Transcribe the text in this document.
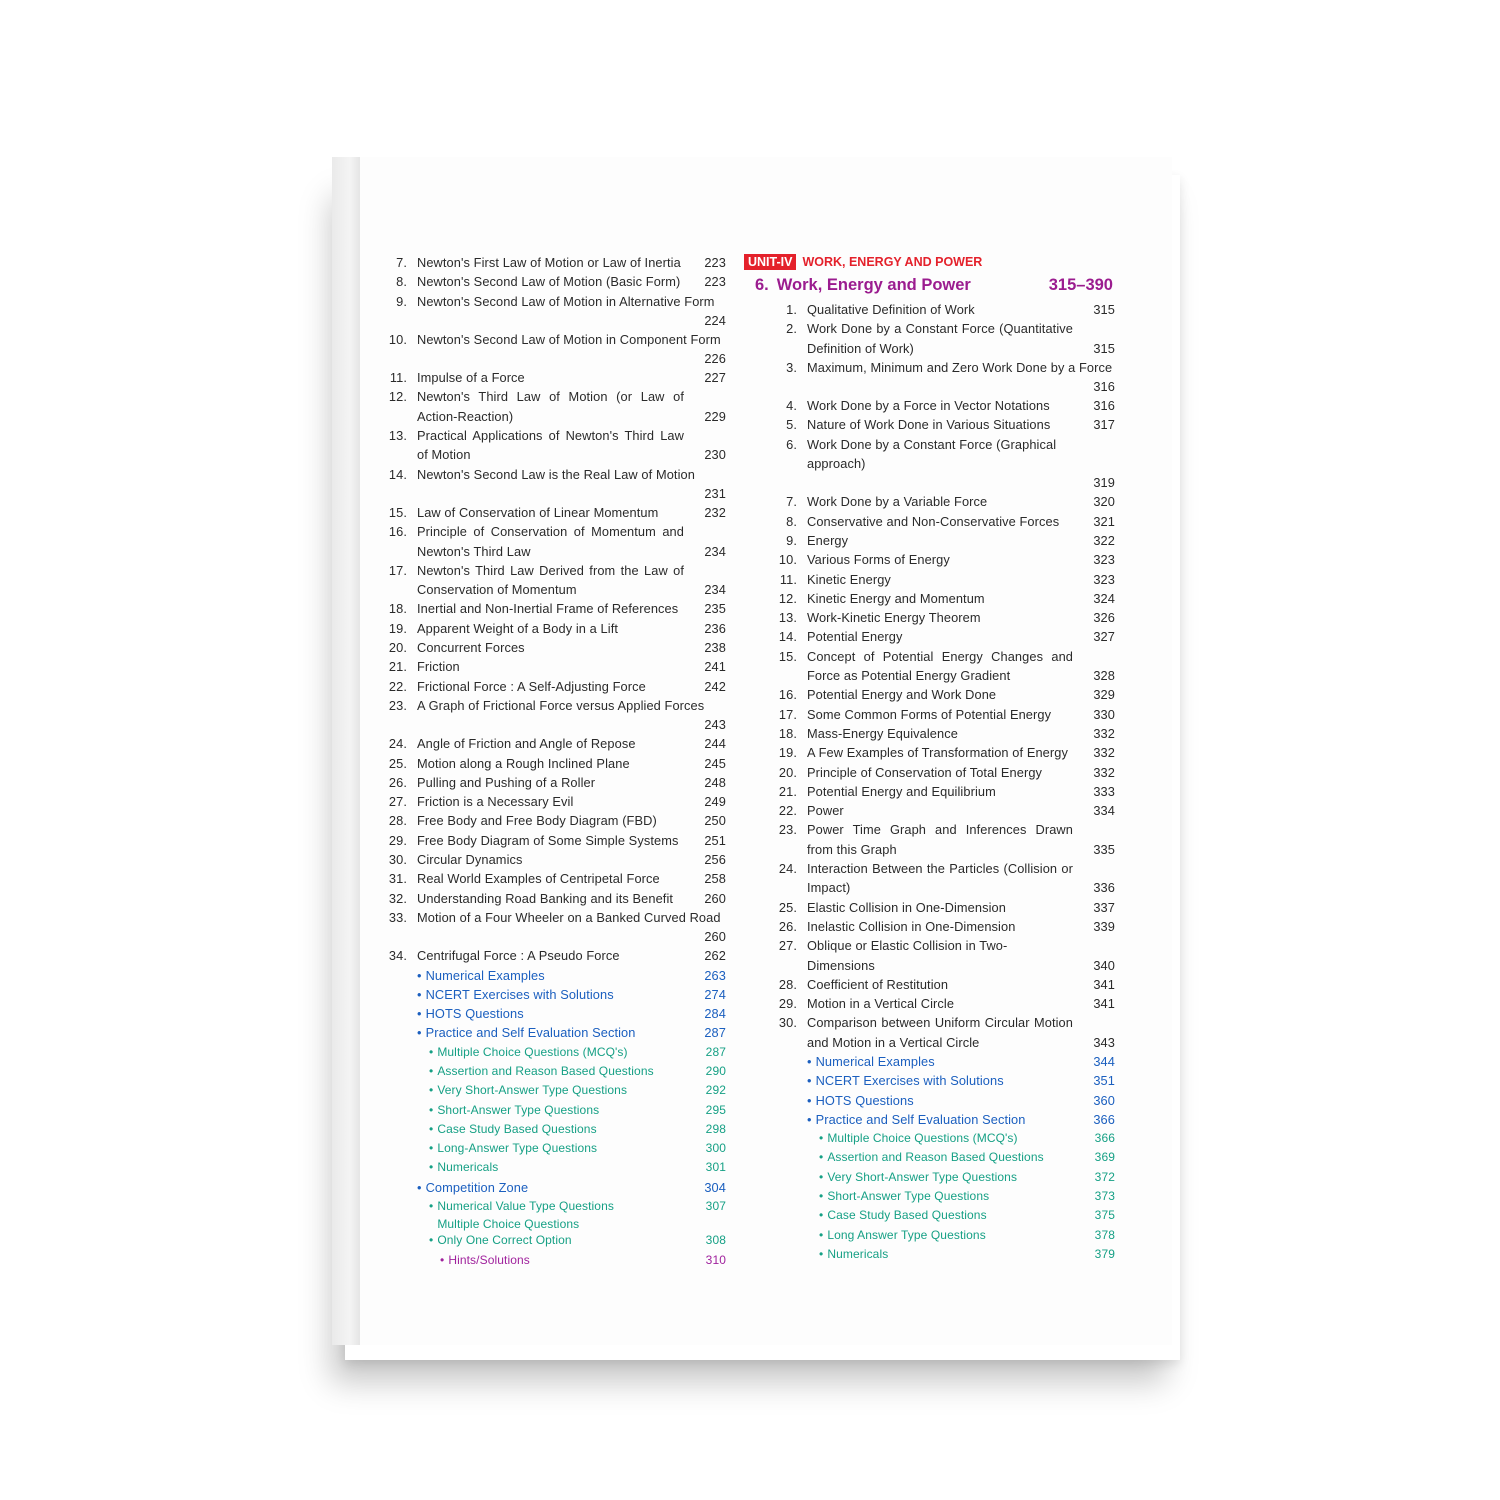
7. Newton's First Law of Motion or Law of Inertia 223
8. Newton's Second Law of Motion (Basic Form) 223
9. Newton's Second Law of Motion in Alternative Form
224
10. Newton's Second Law of Motion in Component Form
226
11. Impulse of a Force	227
12. Newton's Third Law of Motion (or Law of Action-Reaction)	229
13. Practical Applications of Newton's Third Law of Motion	230
14. Newton's Second Law is the Real Law of Motion
231
15. Law of Conservation of Linear Momentum	232
16. Principle of Conservation of Momentum and Newton's Third Law	234
17. Newton's Third Law Derived from the Law of Conservation of Momentum	234
18. Inertial and Non-Inertial Frame of References	235
19. Apparent Weight of a Body in a Lift	236
20. Concurrent Forces	238
21. Friction	241
22. Frictional Force : A Self-Adjusting Force	242
23. A Graph of Frictional Force versus Applied Forces
243
24. Angle of Friction and Angle of Repose	244
25. Motion along a Rough Inclined Plane	245
26. Pulling and Pushing of a Roller	248
27. Friction is a Necessary Evil	249
28. Free Body and Free Body Diagram (FBD)	250
29. Free Body Diagram of Some Simple Systems	251
30. Circular Dynamics	256
31. Real World Examples of Centripetal Force	258
32. Understanding Road Banking and its Benefit	260
33. Motion of a Four Wheeler on a Banked Curved Road
260
34. Centrifugal Force : A Pseudo Force	262
• Numerical Examples	263
• NCERT Exercises with Solutions	274
• HOTS Questions	284
• Practice and Self Evaluation Section	287
• Multiple Choice Questions (MCQ's)	287
• Assertion and Reason Based Questions	290
• Very Short-Answer Type Questions	292
• Short-Answer Type Questions	295
• Case Study Based Questions	298
• Long-Answer Type Questions	300
• Numericals	301
• Competition Zone	304
• Numerical Value Type Questions	307
•Multiple Choice Questions Only One Correct Option	308
• Hints/Solutions	310
UNIT-IV WORK, ENERGY AND POWER
6. Work, Energy and Power	315–390
1. Qualitative Definition of Work	315
2. Work Done by a Constant Force (Quantitative Definition of Work)	315
3. Maximum, Minimum and Zero Work Done by a Force
316
4. Work Done by a Force in Vector Notations	316
5. Nature of Work Done in Various Situations	317
6. Work Done by a Constant Force (Graphical approach)
319
7. Work Done by a Variable Force	320
8. Conservative and Non-Conservative Forces	321
9. Energy	322
10. Various Forms of Energy	323
11. Kinetic Energy	323
12. Kinetic Energy and Momentum	324
13. Work-Kinetic Energy Theorem	326
14. Potential Energy	327
15. Concept of Potential Energy Changes and Force as Potential Energy Gradient	328
16. Potential Energy and Work Done	329
17. Some Common Forms of Potential Energy	330
18. Mass-Energy Equivalence	332
19. A Few Examples of Transformation of Energy	332
20. Principle of Conservation of Total Energy	332
21. Potential Energy and Equilibrium	333
22. Power	334
23. Power Time Graph and Inferences Drawn from this Graph	335
24. Interaction Between the Particles (Collision or Impact)	336
25. Elastic Collision in One-Dimension	337
26. Inelastic Collision in One-Dimension	339
27. Oblique or Elastic Collision in Two-Dimensions	340
28. Coefficient of Restitution	341
29. Motion in a Vertical Circle	341
30. Comparison between Uniform Circular Motion and Motion in a Vertical Circle	343
• Numerical Examples	344
• NCERT Exercises with Solutions	351
• HOTS Questions	360
• Practice and Self Evaluation Section	366
• Multiple Choice Questions (MCQ's)	366
• Assertion and Reason Based Questions	369
• Very Short-Answer Type Questions	372
• Short-Answer Type Questions	373
• Case Study Based Questions	375
• Long Answer Type Questions	378
• Numericals	379
